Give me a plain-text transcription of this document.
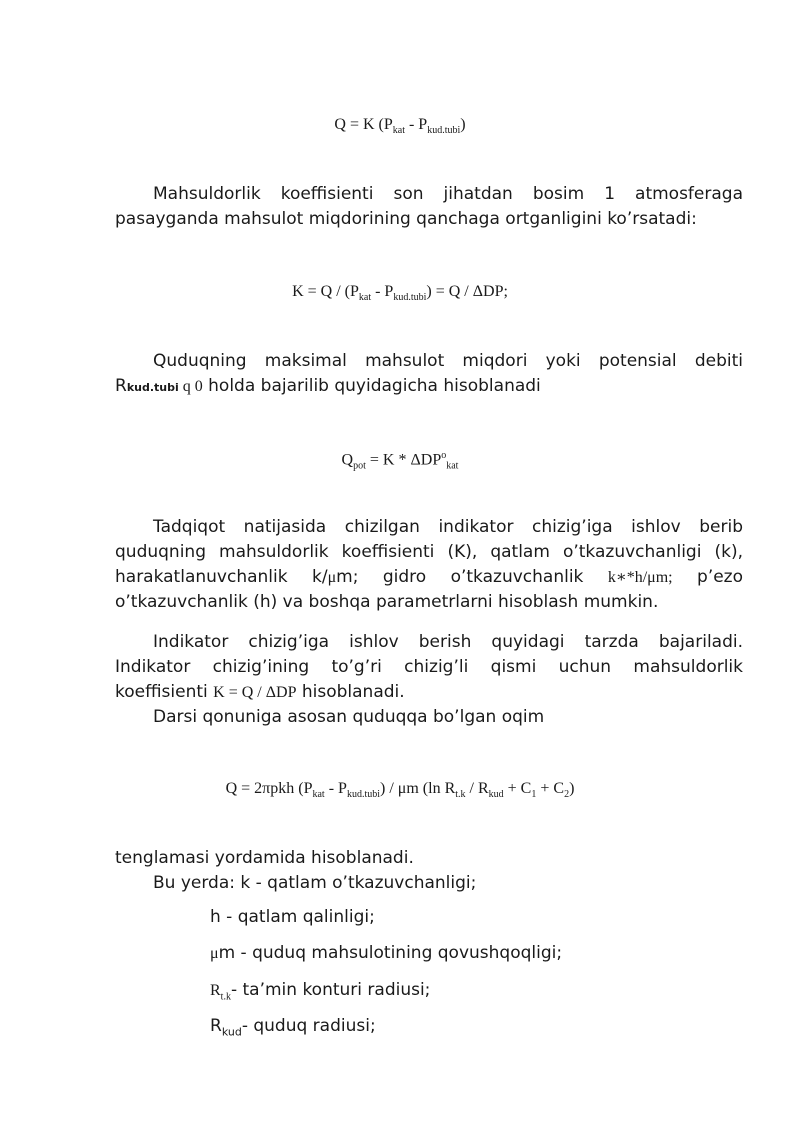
Q = K $(P_{kat} - P_{kud.tubi})$
Mahsuldorlik koeffisienti son jihatdan bosim 1 atmosferaga
pasayganda mahsulot miqdorining qanchaga ortganligini ko’rsatadi:
$K = Q / (P_{kat} - P_{kud.tubi}) = Q / \Delta DP$;
Quduqning maksimal mahsulot miqdori yoki potensial debiti
Rkud.tubi q 0 holda bajarilib quyidagicha hisoblanadi
$Q_{pot} = K * \Delta DP^o_{kat}$
Tadqiqot natijasida chizilgan indikator chizig’iga ishlov berib
quduqning mahsuldorlik koeffisienti (K), qatlam o’tkazuvchanligi (k),
harakatlanuvchanlik k/μm; gidro o’tkazuvchanlik k∗*h/μm; p’ezo
o’tkazuvchanlik (h) va boshqa parametrlarni hisoblash mumkin.
Indikator chizig’iga ishlov berish quyidagi tarzda bajariladi.
Indikator chizig’ining to’g’ri chizig’li qismi uchun mahsuldorlik
koeffisienti K = Q / ΔDP hisoblanadi.
Darsi qonuniga asosan quduqqa bo’lgan oqim
Q = 2πpkh $(P_{kat} - P_{kud.tubi})$ / μm (ln $R_{t.k} / R_{kud} + C_1 + C_2$)
tenglamasi yordamida hisoblanadi.
Bu yerda: k - qatlam o’tkazuvchanligi;
h - qatlam qalinligi;
μm - quduq mahsulotining qovushqoqligi;
$R_{t.k}-$ ta’min konturi radiusi;
$R_{kud}-$ quduq radiusi;
